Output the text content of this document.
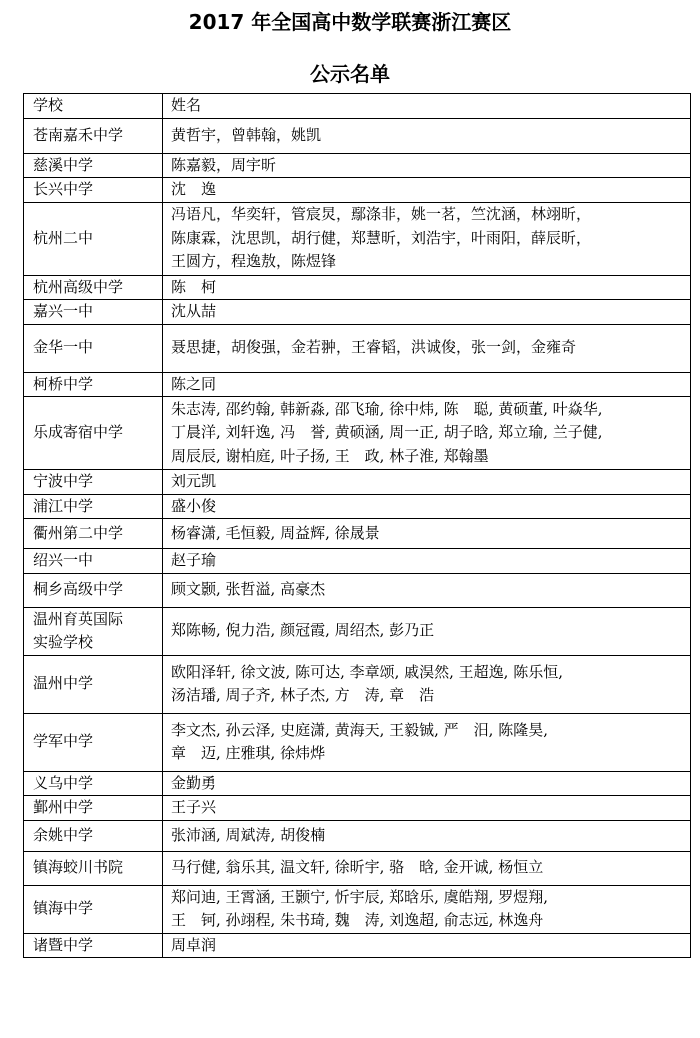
2017 年全国高中数学联赛浙江赛区
公示名单
学校	姓名

苍南嘉禾中学	黄哲宇，曾韩翰，姚凯

慈溪中学	陈嘉毅，周宇昕

长兴中学	沈　逸

杭州二中	冯语凡，华奕轩，管宸炅，鄢涤非，姚一茗，竺沈涵，林翊昕，
陈康霖，沈思凯，胡行健，郑慧昕，刘浩宇，叶雨阳，薛辰昕，
王圆方，程逸敖，陈煜锋

杭州高级中学	陈　柯

嘉兴一中	沈从喆

金华一中	聂思捷，胡俊强，金若翀，王睿韬，洪诚俊，张一剑，金雍奇

柯桥中学	陈之同

乐成寄宿中学	朱志涛, 邵约翰, 韩新淼, 邵飞瑜, 徐中炜, 陈　聪, 黄硕董, 叶焱华,
丁晨洋, 刘轩逸, 冯　誉, 黄硕涵, 周一正, 胡子晗, 郑立瑜, 兰子健,
周辰辰, 谢柏庭, 叶子扬, 王　政, 林子淮, 郑翰墨

宁波中学	刘元凯

浦江中学	盛小俊

衢州第二中学	杨睿潇, 毛恒毅, 周益辉, 徐晟景

绍兴一中	赵子瑜

桐乡高级中学	顾文颢, 张哲溢, 高豪杰

温州育英国际
实验学校	郑陈畅, 倪力浩, 颜冠霞, 周绍杰, 彭乃正

温州中学	欧阳泽轩, 徐文波, 陈可达, 李章颂, 戚淏然, 王超逸, 陈乐恒,
汤洁璠, 周子齐, 林子杰, 方　涛, 章　浩

学军中学	李文杰, 孙云泽, 史庭潇, 黄海天, 王毅铖, 严　汨, 陈隆昊,
章　迈, 庄雅琪, 徐炜烨

义乌中学	金勤勇

鄞州中学	王子兴

余姚中学	张沛涵, 周斌涛, 胡俊楠

镇海蛟川书院	马行健, 翁乐其, 温文轩, 徐昕宇, 骆　晗, 金开诚, 杨恒立

镇海中学	郑问迪, 王霄涵, 王颢宁, 忻宇辰, 郑晗乐, 虞皓翔, 罗煜翔,
王　钶, 孙翊程, 朱书琦, 魏　涛, 刘逸超, 俞志远, 林逸舟

诸暨中学	周卓润
